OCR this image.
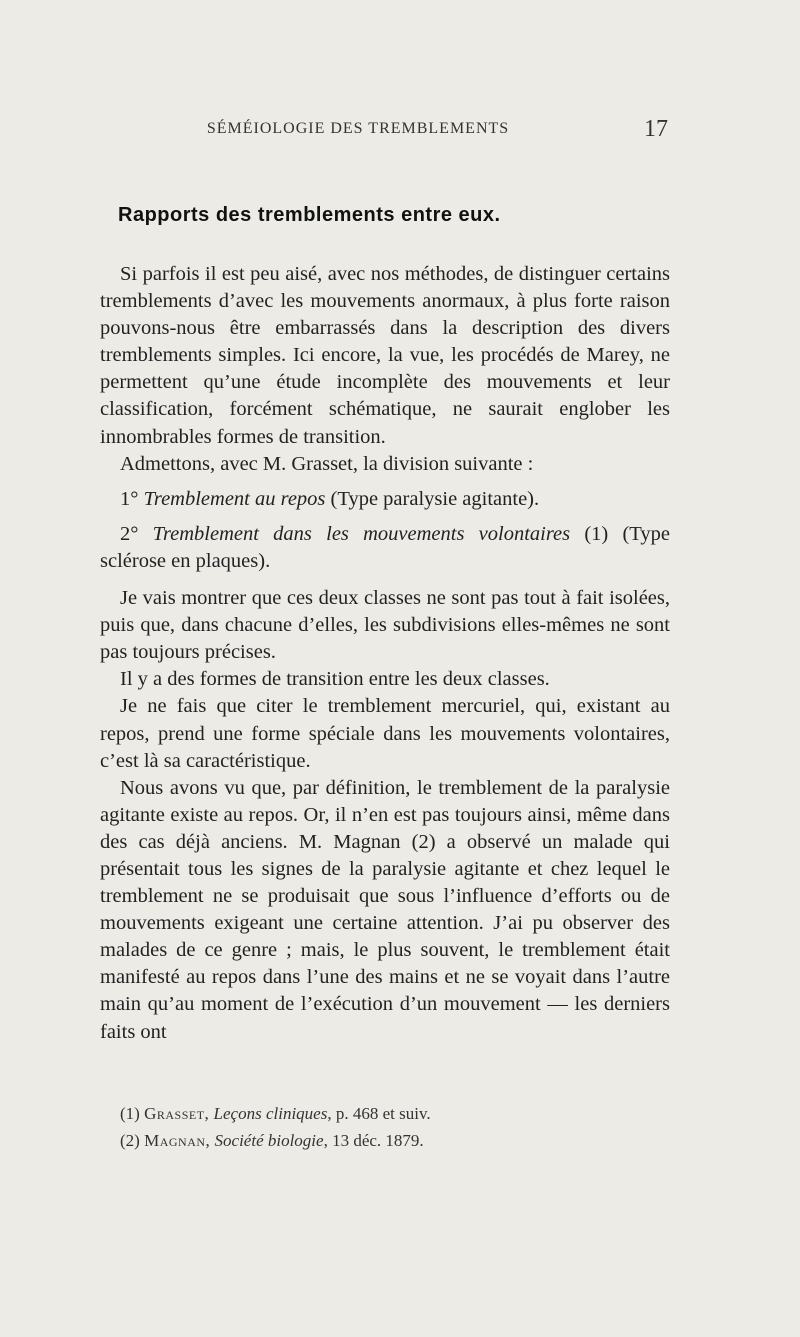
SÉMÉIOLOGIE DES TREMBLEMENTS	17
Rapports des tremblements entre eux.

Si parfois il est peu aisé, avec nos méthodes, de distinguer certains tremblements d’avec les mouvements anormaux, à plus forte raison pouvons-nous être embarrassés dans la description des divers tremblements simples. Ici encore, la vue, les procédés de Marey, ne permettent qu’une étude incomplète des mouvements et leur classification, forcément schématique, ne saurait englober les innombrables formes de transition.

Admettons, avec M. Grasset, la division suivante :

1° Tremblement au repos (Type paralysie agitante).

2° Tremblement dans les mouvements volontaires (1) (Type sclérose en plaques).

Je vais montrer que ces deux classes ne sont pas tout à fait isolées, puis que, dans chacune d’elles, les subdivisions elles-mêmes ne sont pas toujours précises.

Il y a des formes de transition entre les deux classes.

Je ne fais que citer le tremblement mercuriel, qui, existant au repos, prend une forme spéciale dans les mouvements volontaires, c’est là sa caractéristique.

Nous avons vu que, par définition, le tremblement de la paralysie agitante existe au repos. Or, il n’en est pas toujours ainsi, même dans des cas déjà anciens. M. Magnan (2) a observé un malade qui présentait tous les signes de la paralysie agitante et chez lequel le tremblement ne se produisait que sous l’influence d’efforts ou de mouvements exigeant une certaine attention. J’ai pu observer des malades de ce genre ; mais, le plus souvent, le tremblement était manifesté au repos dans l’une des mains et ne se voyait dans l’autre main qu’au moment de l’exécution d’un mouvement — les derniers faits ont

(1) Grasset, Leçons cliniques, p. 468 et suiv.
(2) Magnan, Société biologie, 13 déc. 1879.
